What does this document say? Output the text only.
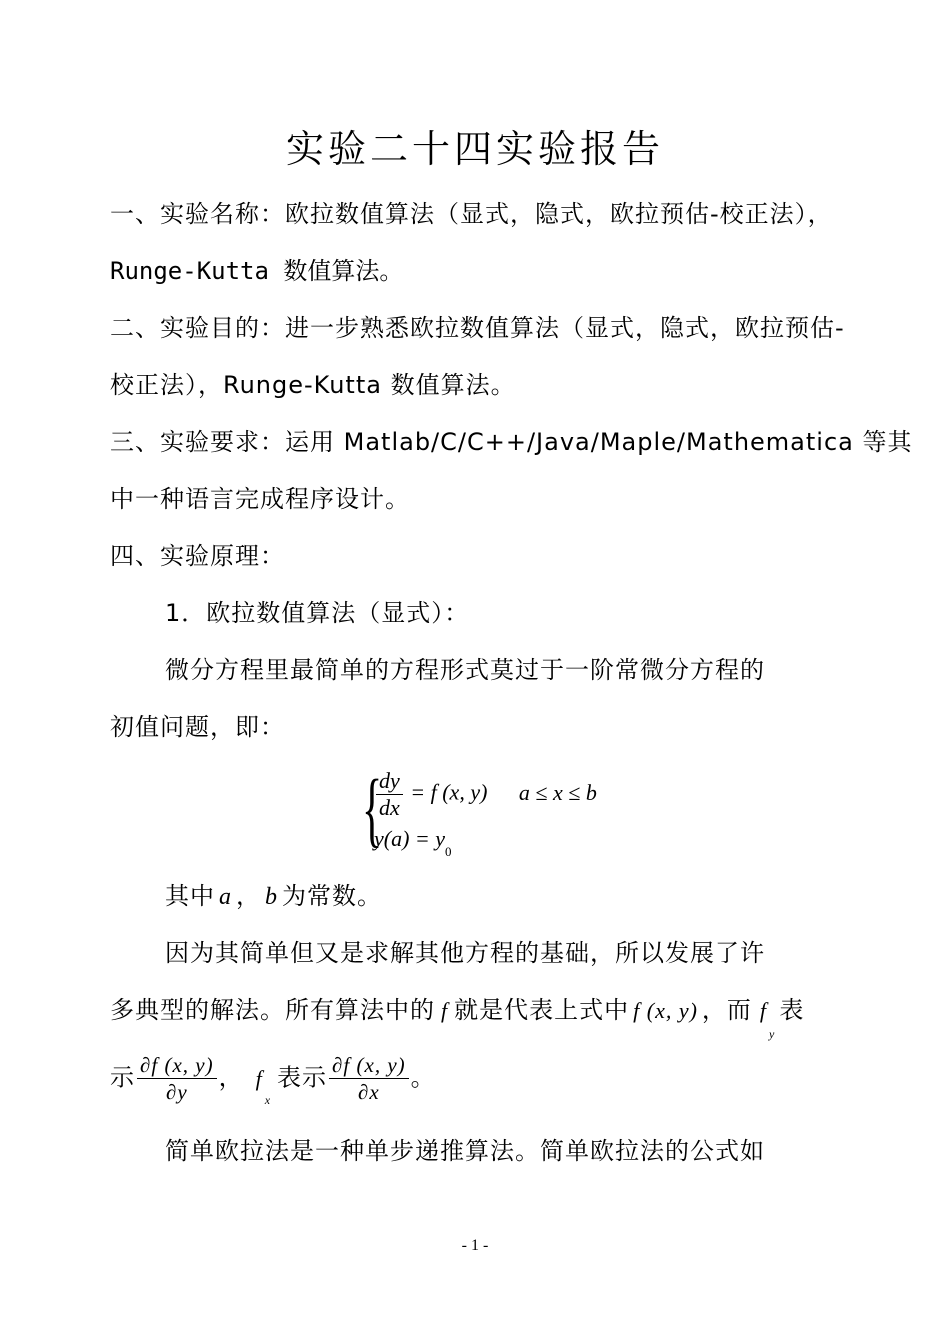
实验二十四实验报告
一、实验名称：欧拉数值算法（显式，隐式，欧拉预估-校正法），
Runge-Kutta 数值算法。
二、实验目的：进一步熟悉欧拉数值算法（显式，隐式，欧拉预估-
校正法），Runge-Kutta 数值算法。
三、实验要求：运用 Matlab/C/C++/Java/Maple/Mathematica 等其
中一种语言完成程序设计。
四、实验原理：
1．欧拉数值算法（显式）：
微分方程里最简单的方程形式莫过于一阶常微分方程的
初值问题，即：
{
$\frac{dy}{dx} = f$ (x, y) a ≤ x ≤ b
$y(a) = y_0$
其中 a ， b 为常数。
因为其简单但又是求解其他方程的基础，所以发展了许
多典型的解法。所有算法中的 f 就是代表上式中 f (x, y) ，而 $f_y$表
示 $\frac{\partial f (x, y)}{\partial y}$ ， $f_x$表示 $\frac{\partial f (x, y)}{\partial x}$ 。
简单欧拉法是一种单步递推算法。简单欧拉法的公式如
- 1 -
